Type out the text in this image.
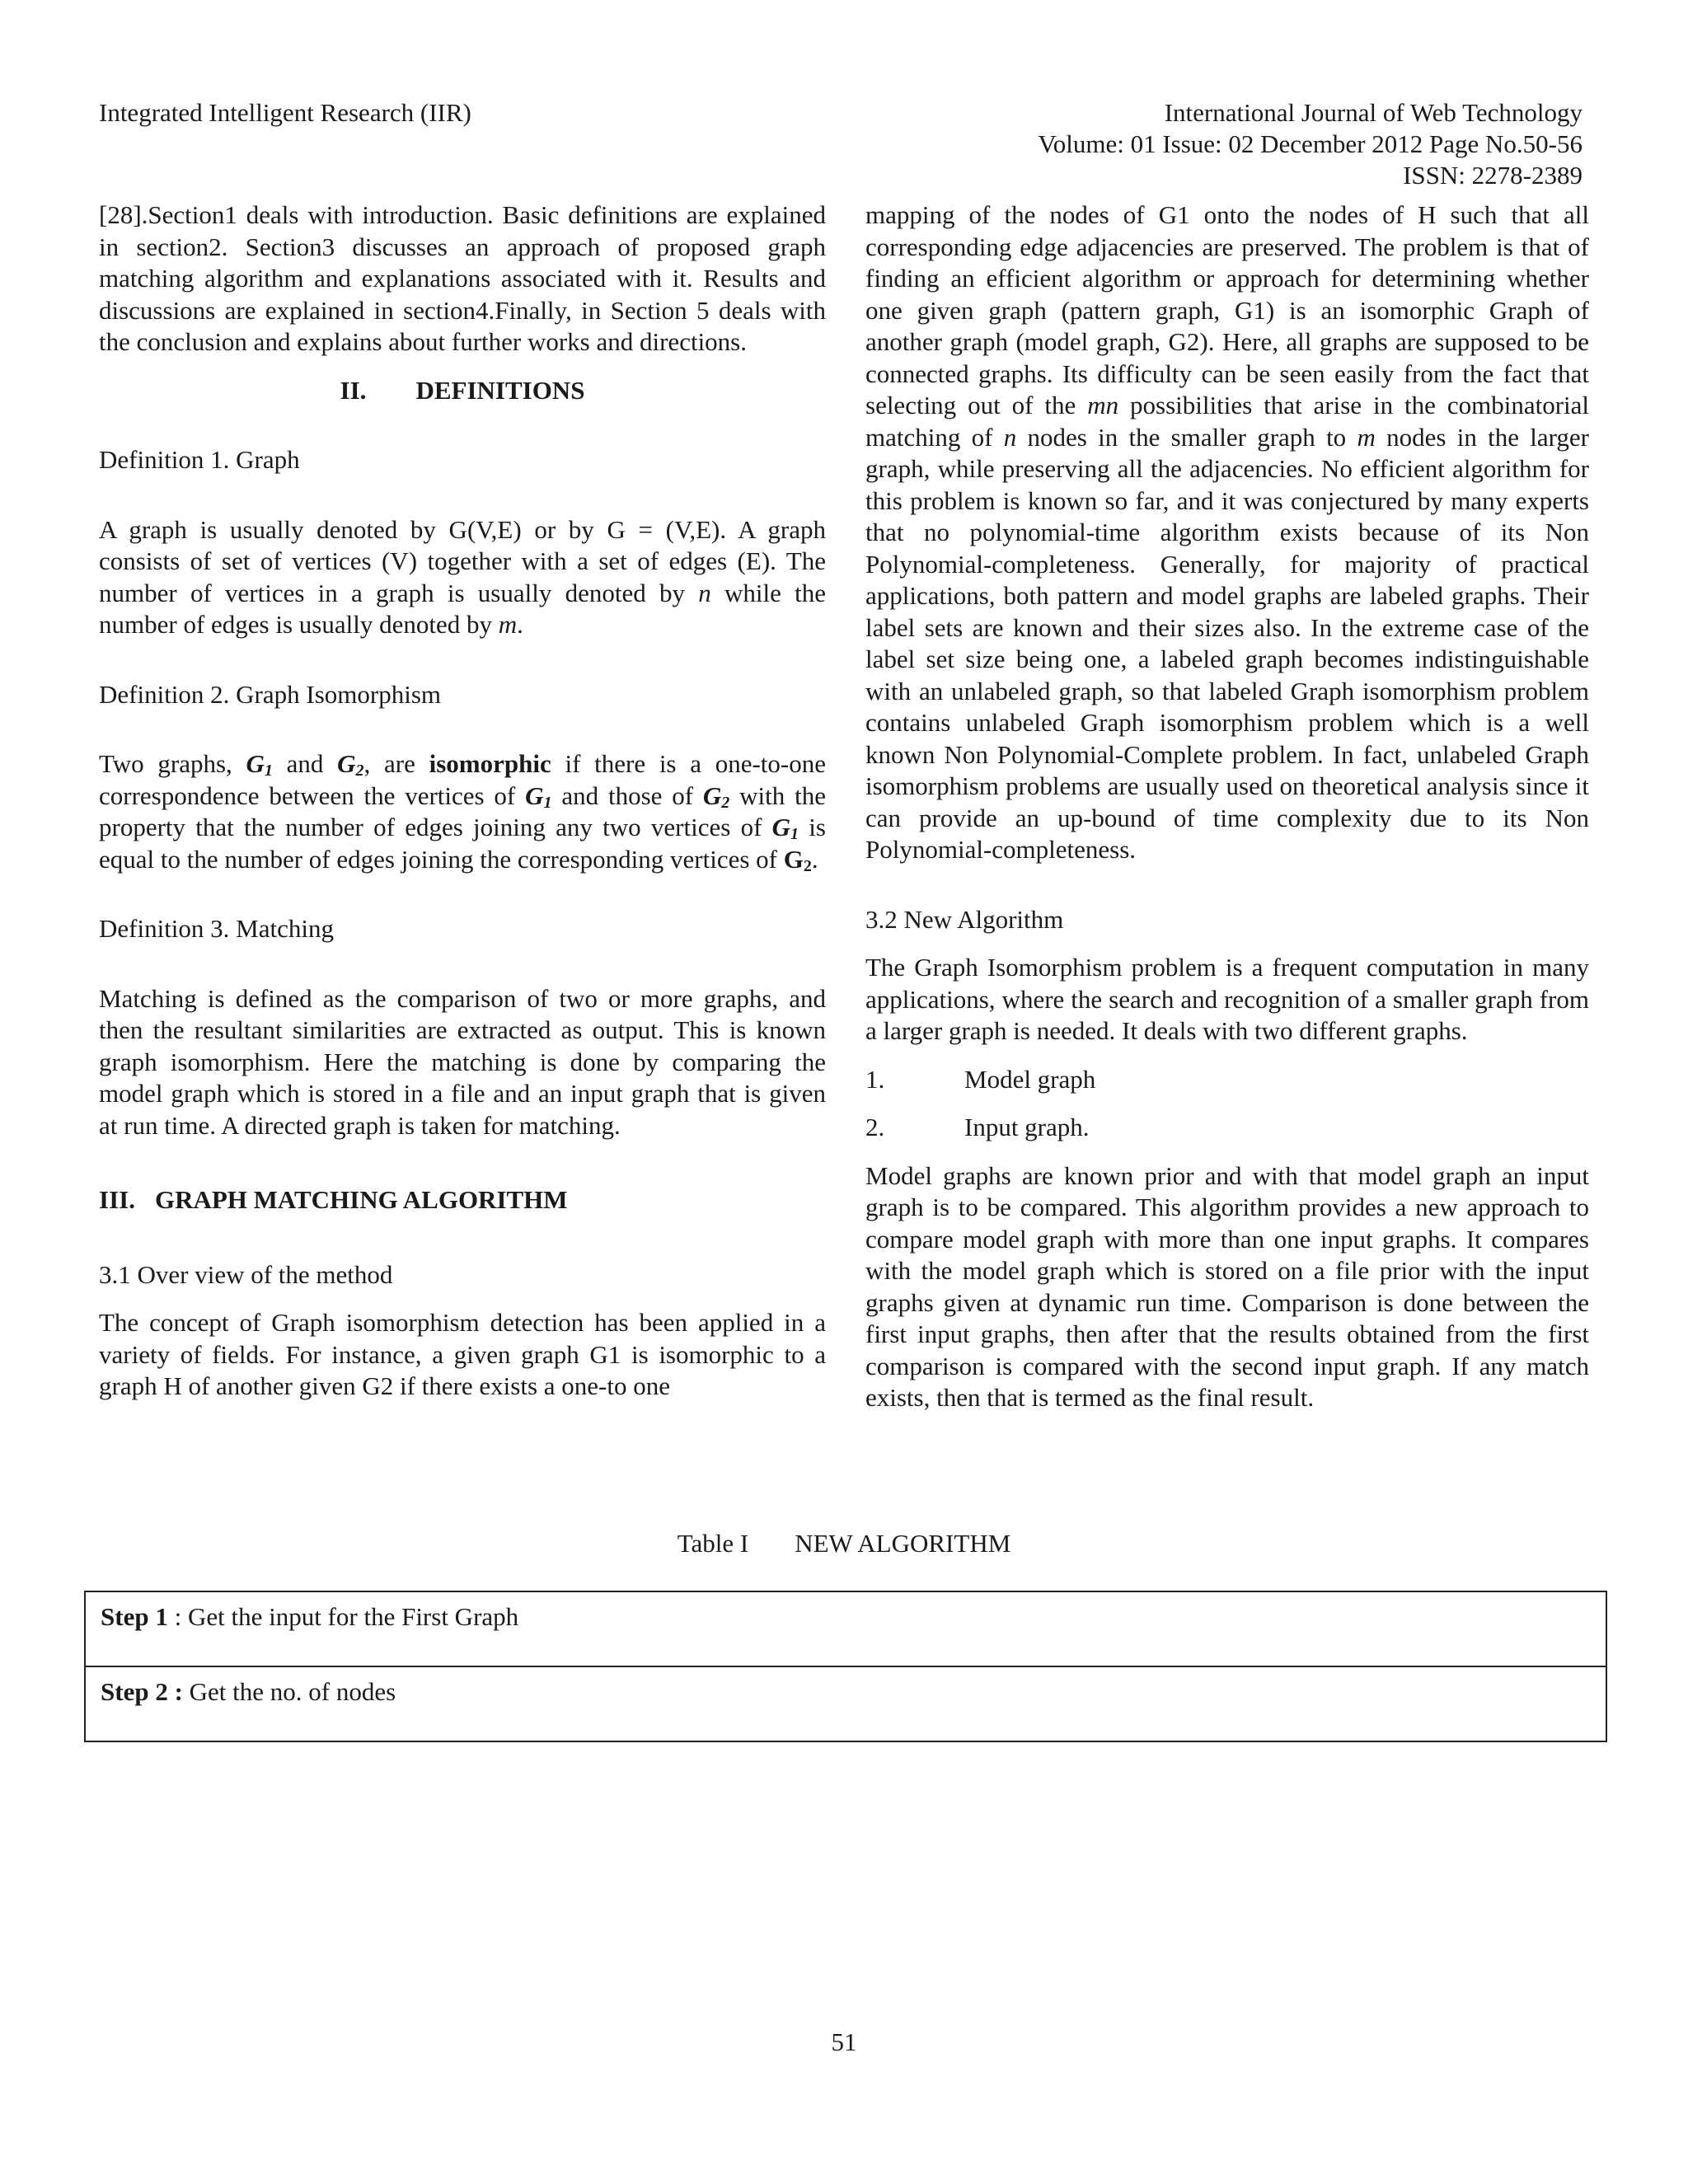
Integrated Intelligent Research (IIR)	International Journal of Web Technology
Volume: 01 Issue: 02 December 2012 Page No.50-56
ISSN: 2278-2389

[28].Section1 deals with introduction. Basic definitions are explained in section2. Section3 discusses an approach of proposed graph matching algorithm and explanations associated with it. Results and discussions are explained in section4.Finally, in Section 5 deals with the conclusion and explains about further works and directions.

II. DEFINITIONS

Definition 1. Graph

A graph is usually denoted by G(V,E) or by G = (V,E). A graph consists of set of vertices (V) together with a set of edges (E). The number of vertices in a graph is usually denoted by n while the number of edges is usually denoted by m.

Definition 2. Graph Isomorphism

Two graphs, $G_1$ and $G_2$, are isomorphic if there is a one-to-one correspondence between the vertices of $G_1$ and those of $G_2$ with the property that the number of edges joining any two vertices of $G_1$ is equal to the number of edges joining the corresponding vertices of $G_2$.

Definition 3. Matching

Matching is defined as the comparison of two or more graphs, and then the resultant similarities are extracted as output. This is known graph isomorphism. Here the matching is done by comparing the model graph which is stored in a file and an input graph that is given at run time. A directed graph is taken for matching.

III. GRAPH MATCHING ALGORITHM

3.1 Over view of the method

The concept of Graph isomorphism detection has been applied in a variety of fields. For instance, a given graph G1 is isomorphic to a graph H of another given G2 if there exists a one-to one

mapping of the nodes of G1 onto the nodes of H such that all corresponding edge adjacencies are preserved. The problem is that of finding an efficient algorithm or approach for determining whether one given graph (pattern graph, G1) is an isomorphic Graph of another graph (model graph, G2). Here, all graphs are supposed to be connected graphs. Its difficulty can be seen easily from the fact that selecting out of the mn possibilities that arise in the combinatorial matching of n nodes in the smaller graph to m nodes in the larger graph, while preserving all the adjacencies. No efficient algorithm for this problem is known so far, and it was conjectured by many experts that no polynomial-time algorithm exists because of its Non Polynomial-completeness. Generally, for majority of practical applications, both pattern and model graphs are labeled graphs. Their label sets are known and their sizes also. In the extreme case of the label set size being one, a labeled graph becomes indistinguishable with an unlabeled graph, so that labeled Graph isomorphism problem contains unlabeled Graph isomorphism problem which is a well known Non Polynomial-Complete problem. In fact, unlabeled Graph isomorphism problems are usually used on theoretical analysis since it can provide an up-bound of time complexity due to its Non Polynomial-completeness.

3.2 New Algorithm

The Graph Isomorphism problem is a frequent computation in many applications, where the search and recognition of a smaller graph from a larger graph is needed. It deals with two different graphs.

1.	Model graph
2.	Input graph.

Model graphs are known prior and with that model graph an input graph is to be compared. This algorithm provides a new approach to compare model graph with more than one input graphs. It compares with the model graph which is stored on a file prior with the input graphs given at dynamic run time. Comparison is done between the first input graphs, then after that the results obtained from the first comparison is compared with the second input graph. If any match exists, then that is termed as the final result.

Table I NEW ALGORITHM
Step 1 : Get the input for the First Graph
Step 2 : Get the no. of nodes
51
